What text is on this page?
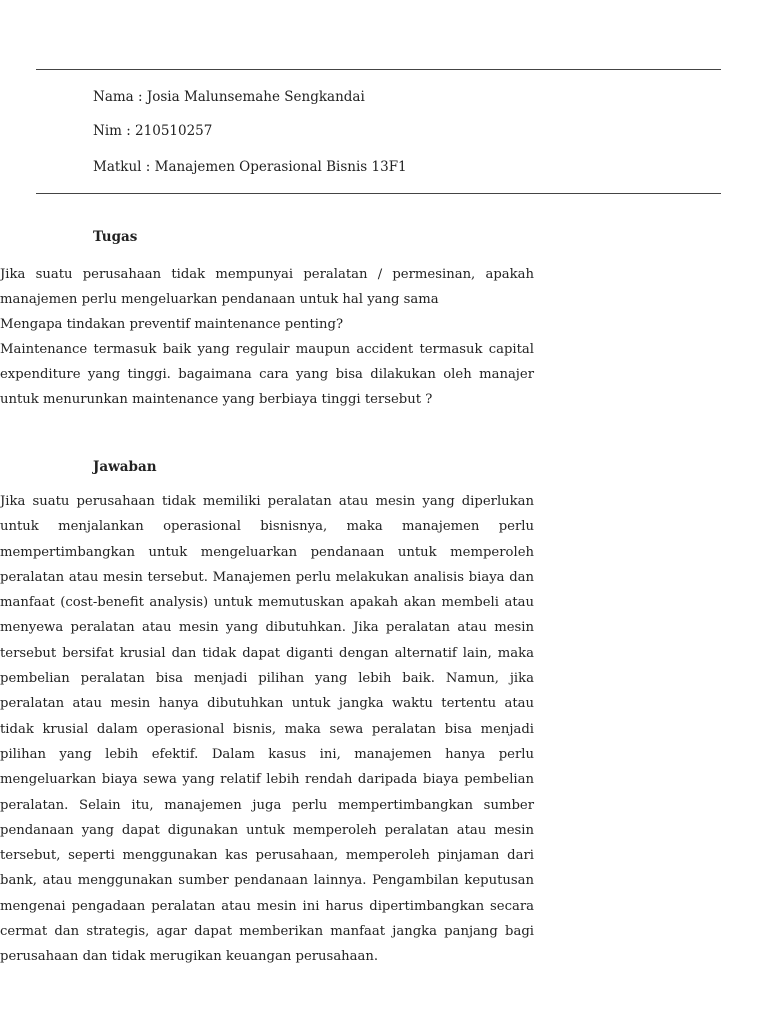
Nama : Josia Malunsemahe Sengkandai
Nim : 210510257
Matkul : Manajemen Operasional Bisnis 13F1
Tugas
Jika suatu perusahaan tidak mempunyai peralatan / permesinan, apakah manajemen perlu mengeluarkan pendanaan untuk hal yang sama
Mengapa tindakan preventif maintenance penting?
Maintenance termasuk baik yang regulair maupun accident termasuk capital expenditure yang tinggi. bagaimana cara yang bisa dilakukan oleh manajer untuk menurunkan maintenance yang berbiaya tinggi tersebut ?
Jawaban
Jika suatu perusahaan tidak memiliki peralatan atau mesin yang diperlukan untuk menjalankan operasional bisnisnya, maka manajemen perlu mempertimbangkan untuk mengeluarkan pendanaan untuk memperoleh peralatan atau mesin tersebut. Manajemen perlu melakukan analisis biaya dan manfaat (cost-benefit analysis) untuk memutuskan apakah akan membeli atau menyewa peralatan atau mesin yang dibutuhkan. Jika peralatan atau mesin tersebut bersifat krusial dan tidak dapat diganti dengan alternatif lain, maka pembelian peralatan bisa menjadi pilihan yang lebih baik. Namun, jika peralatan atau mesin hanya dibutuhkan untuk jangka waktu tertentu atau tidak krusial dalam operasional bisnis, maka sewa peralatan bisa menjadi pilihan yang lebih efektif. Dalam kasus ini, manajemen hanya perlu mengeluarkan biaya sewa yang relatif lebih rendah daripada biaya pembelian peralatan. Selain itu, manajemen juga perlu mempertimbangkan sumber pendanaan yang dapat digunakan untuk memperoleh peralatan atau mesin tersebut, seperti menggunakan kas perusahaan, memperoleh pinjaman dari bank, atau menggunakan sumber pendanaan lainnya. Pengambilan keputusan mengenai pengadaan peralatan atau mesin ini harus dipertimbangkan secara cermat dan strategis, agar dapat memberikan manfaat jangka panjang bagi perusahaan dan tidak merugikan keuangan perusahaan.
